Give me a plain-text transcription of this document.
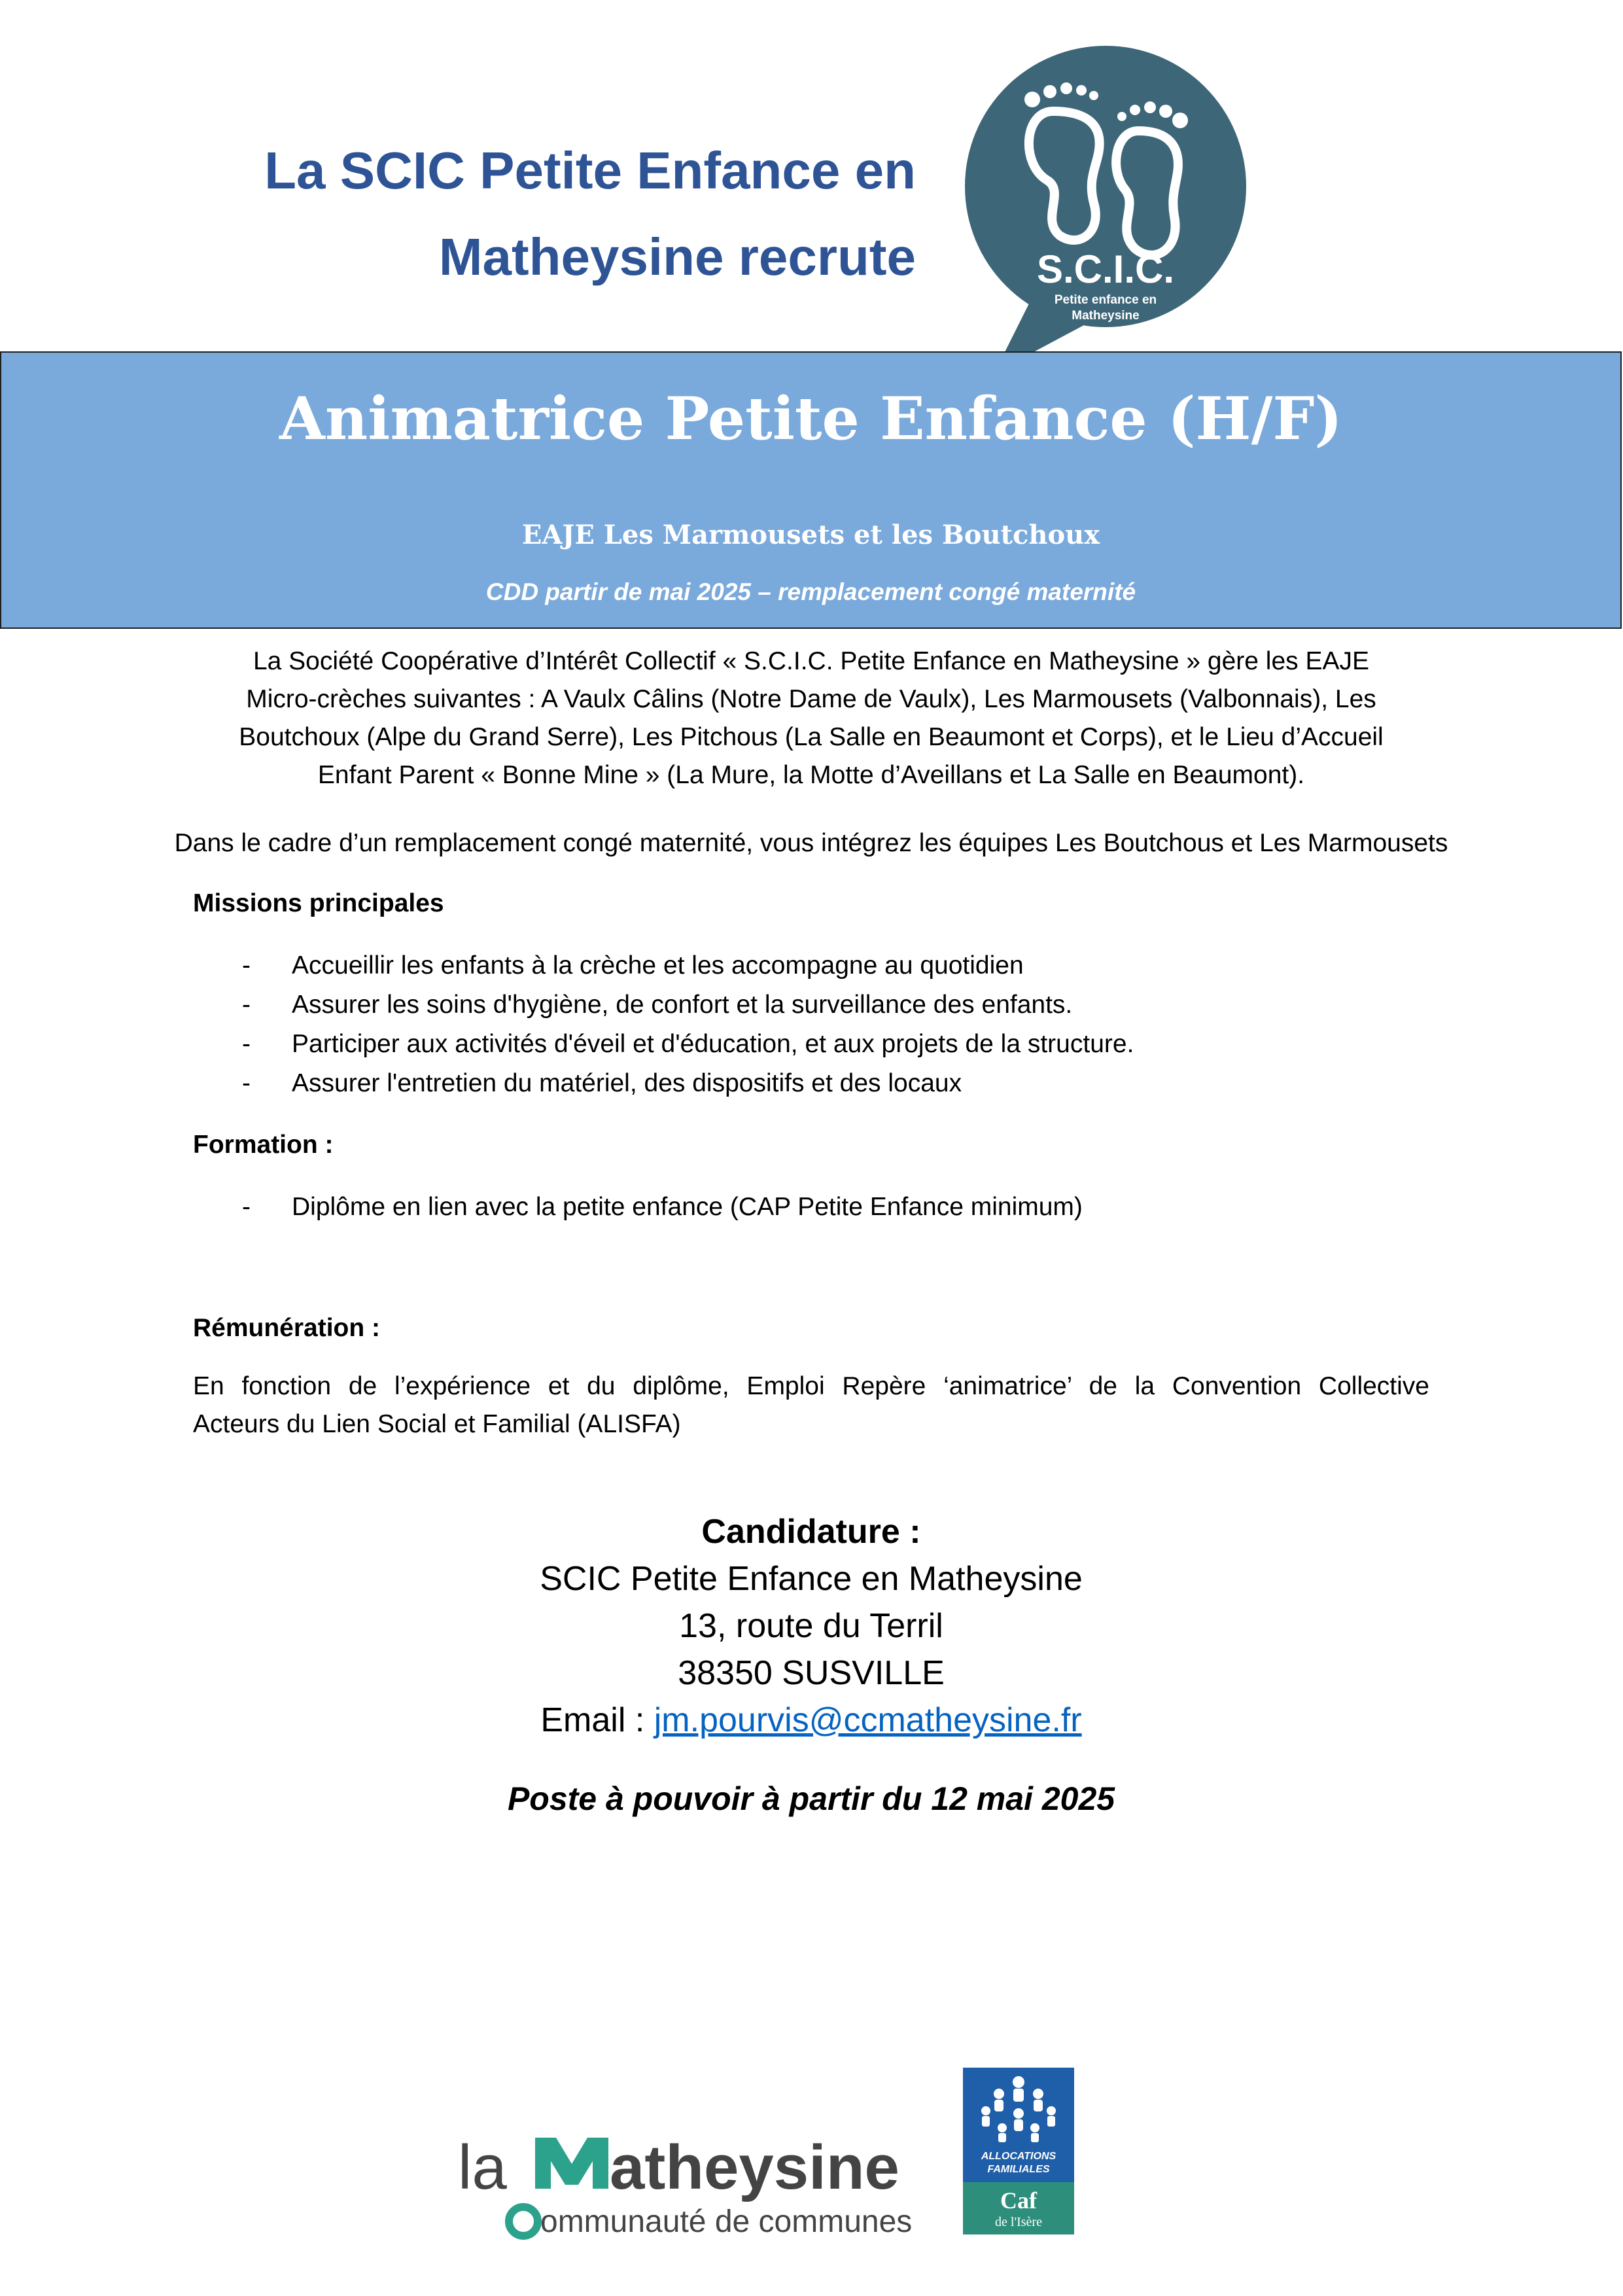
La SCIC Petite Enfance en
Matheysine recrute	S.C.I.C.
Petite enfance en
Matheysine
Animatrice Petite Enfance (H/F)
EAJE Les Marmousets et les Boutchoux
CDD partir de mai 2025 – remplacement congé maternité
La Société Coopérative d’Intérêt Collectif « S.C.I.C. Petite Enfance en Matheysine » gère les EAJE
Micro-crèches suivantes : A Vaulx Câlins (Notre Dame de Vaulx), Les Marmousets (Valbonnais), Les
Boutchoux (Alpe du Grand Serre), Les Pitchous (La Salle en Beaumont et Corps), et le Lieu d’Accueil
Enfant Parent « Bonne Mine » (La Mure, la Motte d’Aveillans et La Salle en Beaumont).
Dans le cadre d’un remplacement congé maternité, vous intégrez les équipes Les Boutchous et Les Marmousets
Missions principales
- Accueillir les enfants à la crèche et les accompagne au quotidien
- Assurer les soins d'hygiène, de confort et la surveillance des enfants.
- Participer aux activités d'éveil et d'éducation, et aux projets de la structure.
- Assurer l'entretien du matériel, des dispositifs et des locaux
Formation :
- Diplôme en lien avec la petite enfance (CAP Petite Enfance minimum)
Rémunération :
En fonction de l’expérience et du diplôme, Emploi Repère ‘animatrice’ de la Convention Collective
Acteurs du Lien Social et Familial (ALISFA)
Candidature :
SCIC Petite Enfance en Matheysine
13, route du Terril
38350 SUSVILLE
Email : jm.pourvis@ccmatheysine.fr
Poste à pouvoir à partir du 12 mai 2025
la atheysine
ommunauté de communes
ALLOCATIONS
FAMILIALES
Caf
de l'Isère
